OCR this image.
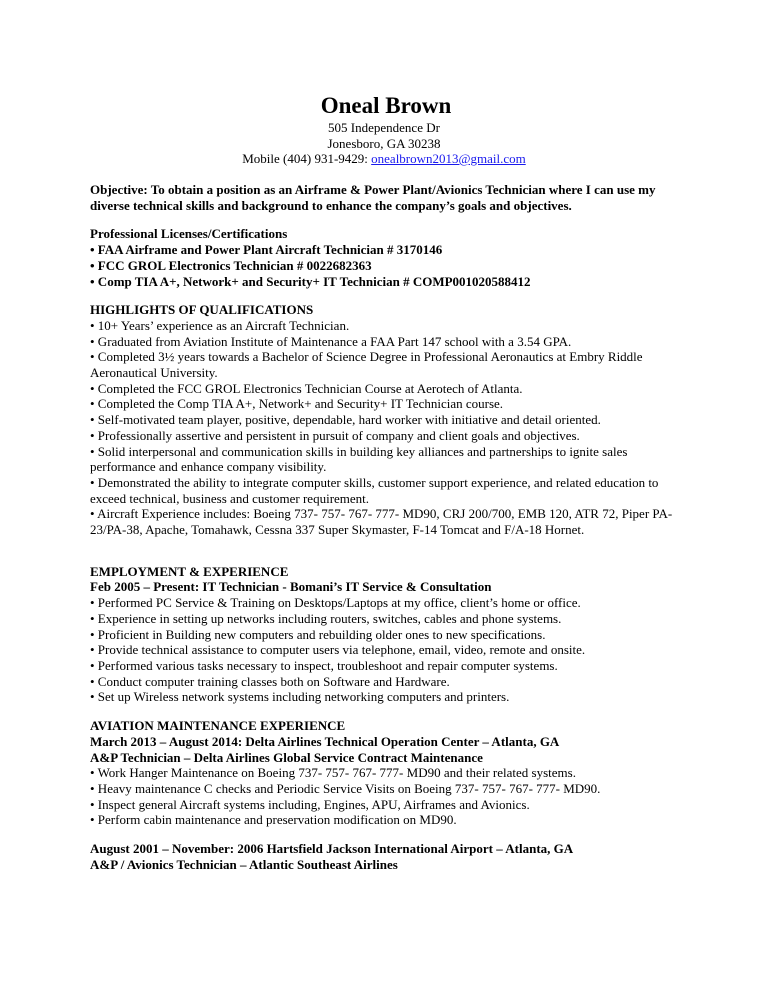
Oneal Brown
505 Independence Dr
Jonesboro, GA 30238
Mobile (404) 931-9429: onealbrown2013@gmail.com

Objective: To obtain a position as an Airframe & Power Plant/Avionics Technician where I can use my diverse technical skills and background to enhance the company’s goals and objectives.

Professional Licenses/Certifications

• FAA Airframe and Power Plant Aircraft Technician # 3170146

• FCC GROL Electronics Technician # 0022682363

• Comp TIA A+, Network+ and Security+ IT Technician # COMP001020588412

HIGHLIGHTS OF QUALIFICATIONS

• 10+ Years’ experience as an Aircraft Technician.

• Graduated from Aviation Institute of Maintenance a FAA Part 147 school with a 3.54 GPA.

• Completed 3½ years towards a Bachelor of Science Degree in Professional Aeronautics at Embry Riddle Aeronautical University.

• Completed the FCC GROL Electronics Technician Course at Aerotech of Atlanta.

• Completed the Comp TIA A+, Network+ and Security+ IT Technician course.

• Self-motivated team player, positive, dependable, hard worker with initiative and detail oriented.

• Professionally assertive and persistent in pursuit of company and client goals and objectives.

• Solid interpersonal and communication skills in building key alliances and partnerships to ignite sales performance and enhance company visibility.

• Demonstrated the ability to integrate computer skills, customer support experience, and related education to exceed technical, business and customer requirement.

• Aircraft Experience includes: Boeing 737- 757- 767- 777- MD90, CRJ 200/700, EMB 120, ATR 72, Piper PA-23/PA-38, Apache, Tomahawk, Cessna 337 Super Skymaster, F-14 Tomcat and F/A-18 Hornet.

EMPLOYMENT & EXPERIENCE

Feb 2005 – Present: IT Technician - Bomani’s IT Service & Consultation

• Performed PC Service & Training on Desktops/Laptops at my office, client’s home or office.

• Experience in setting up networks including routers, switches, cables and phone systems.

• Proficient in Building new computers and rebuilding older ones to new specifications.

• Provide technical assistance to computer users via telephone, email, video, remote and onsite.

• Performed various tasks necessary to inspect, troubleshoot and repair computer systems.

• Conduct computer training classes both on Software and Hardware.

• Set up Wireless network systems including networking computers and printers.

AVIATION MAINTENANCE EXPERIENCE

March 2013 – August 2014: Delta Airlines Technical Operation Center – Atlanta, GA

A&P Technician – Delta Airlines Global Service Contract Maintenance

• Work Hanger Maintenance on Boeing 737- 757- 767- 777- MD90 and their related systems.

• Heavy maintenance C checks and Periodic Service Visits on Boeing 737- 757- 767- 777- MD90.

• Inspect general Aircraft systems including, Engines, APU, Airframes and Avionics.

• Perform cabin maintenance and preservation modification on MD90.

August 2001 – November: 2006 Hartsfield Jackson International Airport – Atlanta, GA

A&P / Avionics Technician – Atlantic Southeast Airlines
